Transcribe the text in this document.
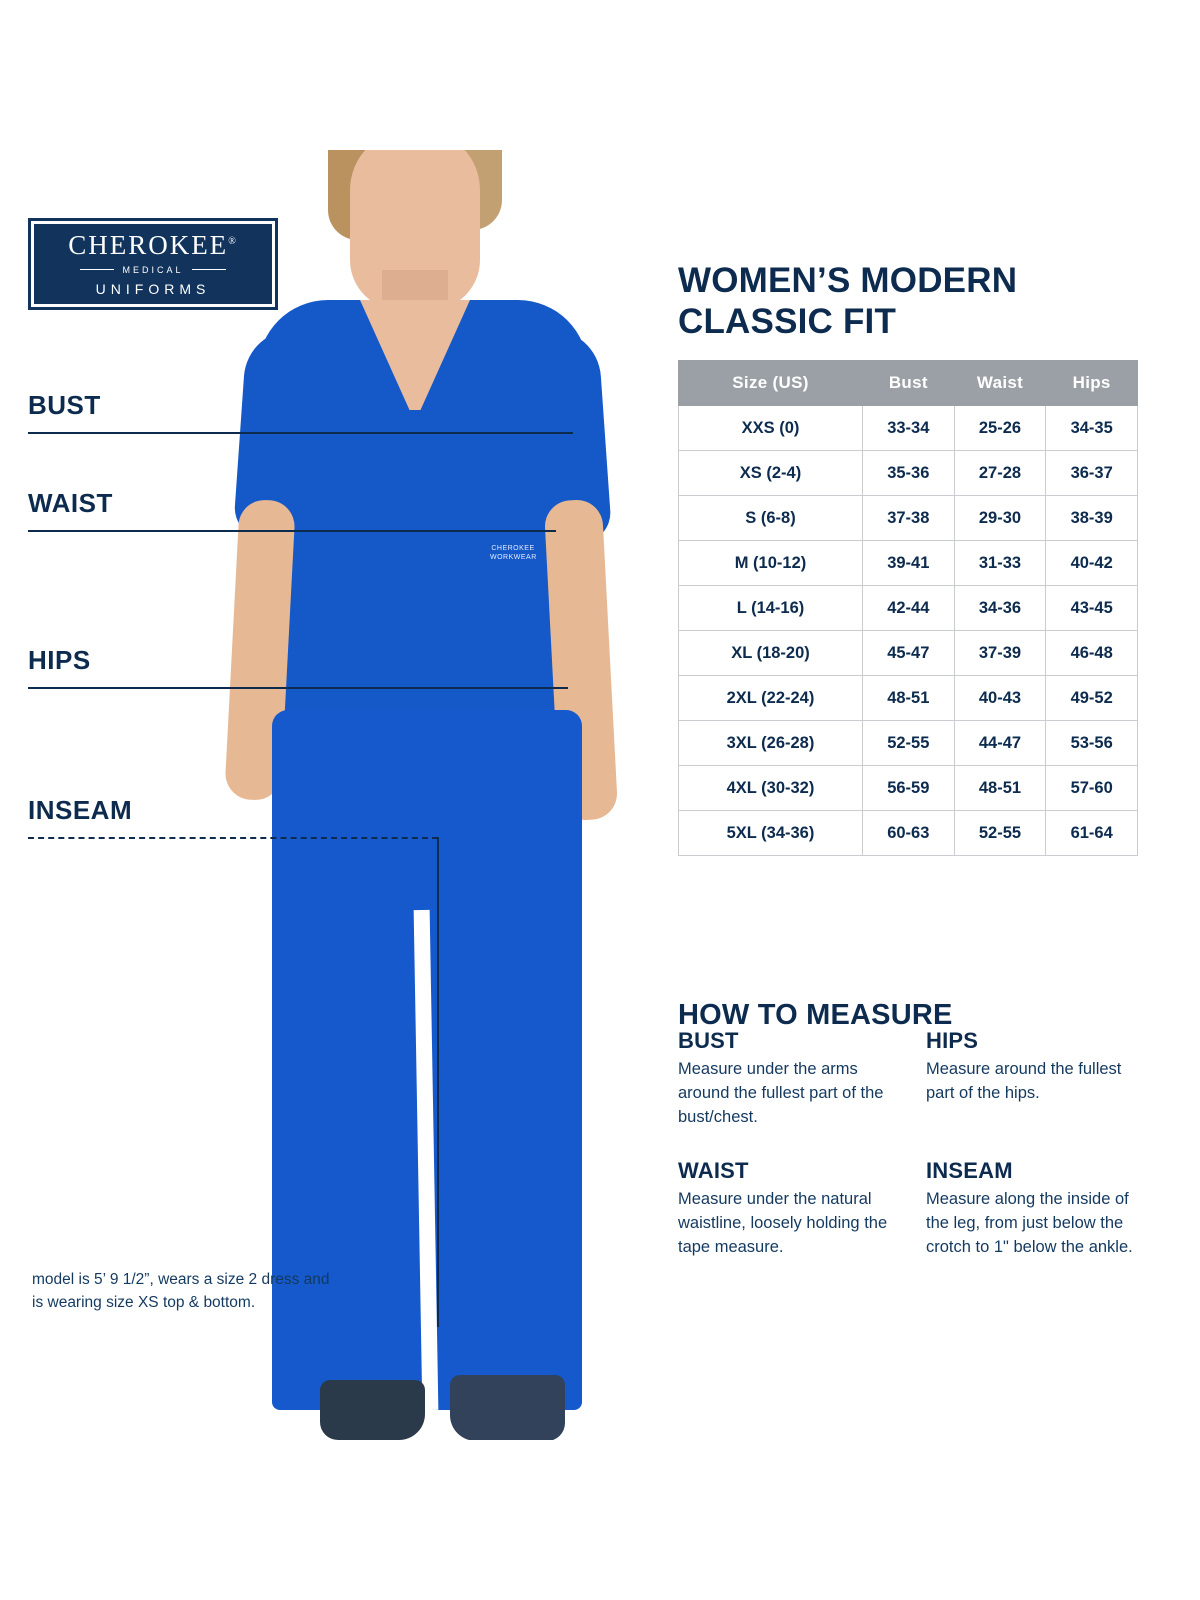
CHEROKEE®
MEDICAL
UNIFORMS
CHEROKEE WORKWEAR
BUST
WAIST
HIPS
INSEAM
model is 5’ 9 1/2”, wears a size 2 dress and is wearing size XS top & bottom.
WOMEN’S MODERN CLASSIC FIT
Size (US)	Bust	Waist	Hips
XXS (0)	33-34	25-26	34-35
XS (2-4)	35-36	27-28	36-37
S (6-8)	37-38	29-30	38-39
M (10-12)	39-41	31-33	40-42
L (14-16)	42-44	34-36	43-45
XL (18-20)	45-47	37-39	46-48
2XL (22-24)	48-51	40-43	49-52
3XL (26-28)	52-55	44-47	53-56
4XL (30-32)	56-59	48-51	57-60
5XL (34-36)	60-63	52-55	61-64
HOW TO MEASURE
BUST

Measure under the arms around the fullest part of the bust/chest.

HIPS

Measure around the fullest part of the hips.

WAIST

Measure under the natural waistline, loosely holding the tape measure.

INSEAM

Measure along the inside of the leg, from just below the crotch to 1" below the ankle.
